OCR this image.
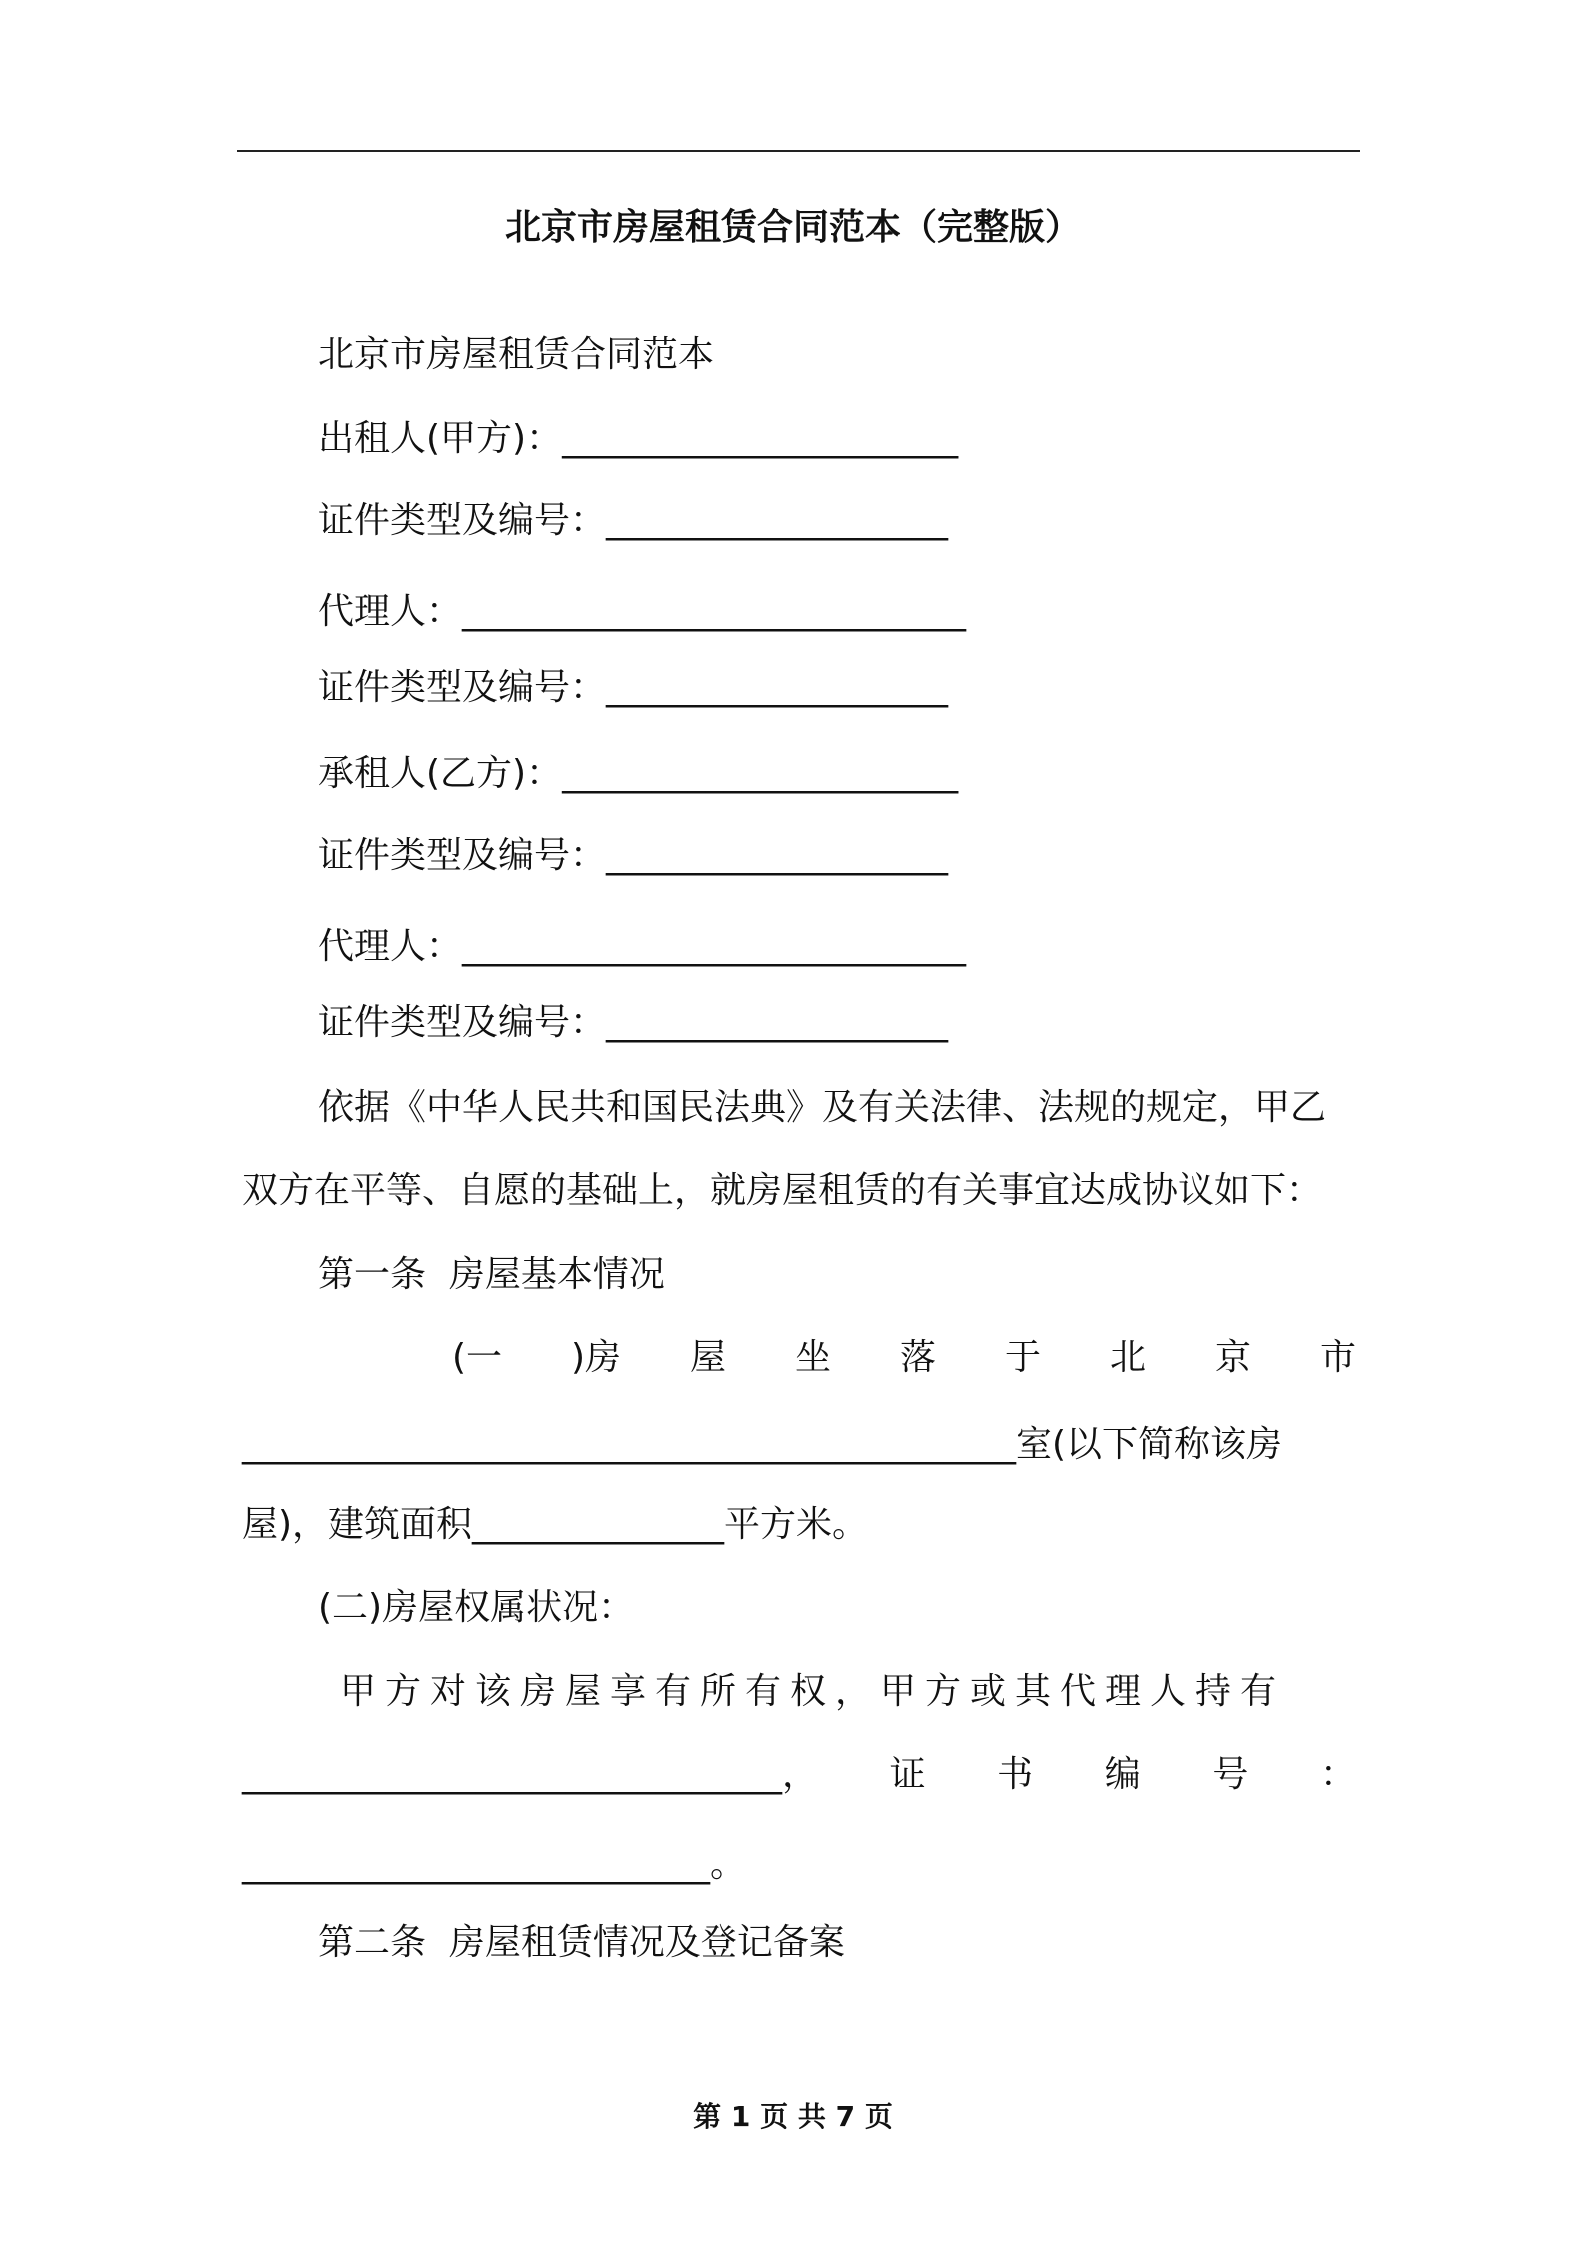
北京市房屋租赁合同范本（完整版）
北京市房屋租赁合同范本
出租人(甲方)：______________________
证件类型及编号：___________________
代理人：____________________________
证件类型及编号：___________________
承租人(乙方)：______________________
证件类型及编号：___________________
代理人：____________________________
证件类型及编号：___________________
依据《中华人民共和国民法典》及有关法律、法规的规定，甲乙
双方在平等、自愿的基础上，就房屋租赁的有关事宜达成协议如下：
第一条  房屋基本情况
(一 )房 屋 坐 落 于 北 京 市
___________________________________________室(以下简称该房
屋)，建筑面积______________平方米。
(二)房屋权属状况：
甲方对该房屋享有所有权，甲方或其代理人持有
______________________________， 证 书 编 号 ：
__________________________。
第二条  房屋租赁情况及登记备案
第 1 页 共 7 页
